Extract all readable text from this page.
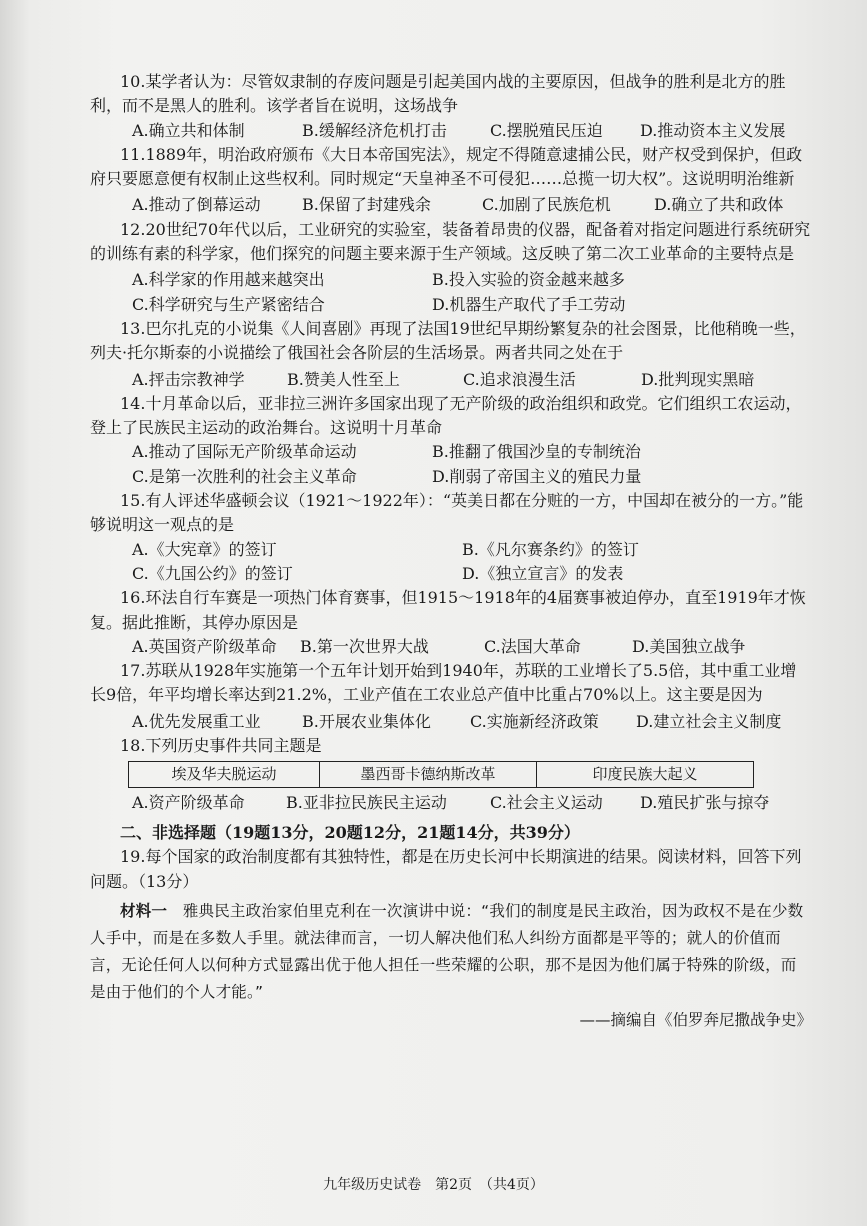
10.某学者认为：尽管奴隶制的存废问题是引起美国内战的主要原因，但战争的胜利是北方的胜利，而不是黑人的胜利。该学者旨在说明，这场战争

A.确立共和体制	B.缓解经济危机打击	C.摆脱殖民压迫	D.推动资本主义发展

11.1889年，明治政府颁布《大日本帝国宪法》，规定不得随意逮捕公民，财产权受到保护，但政府只要愿意便有权制止这些权利。同时规定“天皇神圣不可侵犯……总揽一切大权”。这说明明治维新

A.推动了倒幕运动	B.保留了封建残余	C.加剧了民族危机	D.确立了共和政体

12.20世纪70年代以后，工业研究的实验室，装备着昂贵的仪器，配备着对指定问题进行系统研究的训练有素的科学家，他们探究的问题主要来源于生产领域。这反映了第二次工业革命的主要特点是

A.科学家的作用越来越突出	B.投入实验的资金越来越多
C.科学研究与生产紧密结合	D.机器生产取代了手工劳动

13.巴尔扎克的小说集《人间喜剧》再现了法国19世纪早期纷繁复杂的社会图景，比他稍晚一些，列夫·托尔斯泰的小说描绘了俄国社会各阶层的生活场景。两者共同之处在于

A.抨击宗教神学	B.赞美人性至上	C.追求浪漫生活	D.批判现实黑暗

14.十月革命以后，亚非拉三洲许多国家出现了无产阶级的政治组织和政党。它们组织工农运动，登上了民族民主运动的政治舞台。这说明十月革命

A.推动了国际无产阶级革命运动	B.推翻了俄国沙皇的专制统治
C.是第一次胜利的社会主义革命	D.削弱了帝国主义的殖民力量

15.有人评述华盛顿会议（1921～1922年）：“英美日都在分赃的一方，中国却在被分的一方。”能够说明这一观点的是

A.《大宪章》的签订	B.《凡尔赛条约》的签订
C.《九国公约》的签订	D.《独立宣言》的发表

16.环法自行车赛是一项热门体育赛事，但1915～1918年的4届赛事被迫停办，直至1919年才恢复。据此推断，其停办原因是

A.英国资产阶级革命	B.第一次世界大战	C.法国大革命	D.美国独立战争

17.苏联从1928年实施第一个五年计划开始到1940年，苏联的工业增长了5.5倍，其中重工业增长9倍，年平均增长率达到21.2%，工业产值在工农业总产值中比重占70%以上。这主要是因为

A.优先发展重工业	B.开展农业集体化	C.实施新经济政策	D.建立社会主义制度

18.下列历史事件共同主题是

埃及华夫脱运动	墨西哥卡德纳斯改革	印度民族大起义
A.资产阶级革命	B.亚非拉民族民主运动	C.社会主义运动	D.殖民扩张与掠夺

二、非选择题（19题13分，20题12分，21题14分，共39分）

19.每个国家的政治制度都有其独特性，都是在历史长河中长期演进的结果。阅读材料，回答下列问题。（13分）

材料一　 雅典民主政治家伯里克利在一次演讲中说：“我们的制度是民主政治，因为政权不是在少数人手中，而是在多数人手里。就法律而言，一切人解决他们私人纠纷方面都是平等的；就人的价值而言，无论任何人以何种方式显露出优于他人担任一些荣耀的公职，那不是因为他们属于特殊的阶级，而是由于他们的个人才能。”

——摘编自《伯罗奔尼撒战争史》

九年级历史试卷　第2页　（共4页）
